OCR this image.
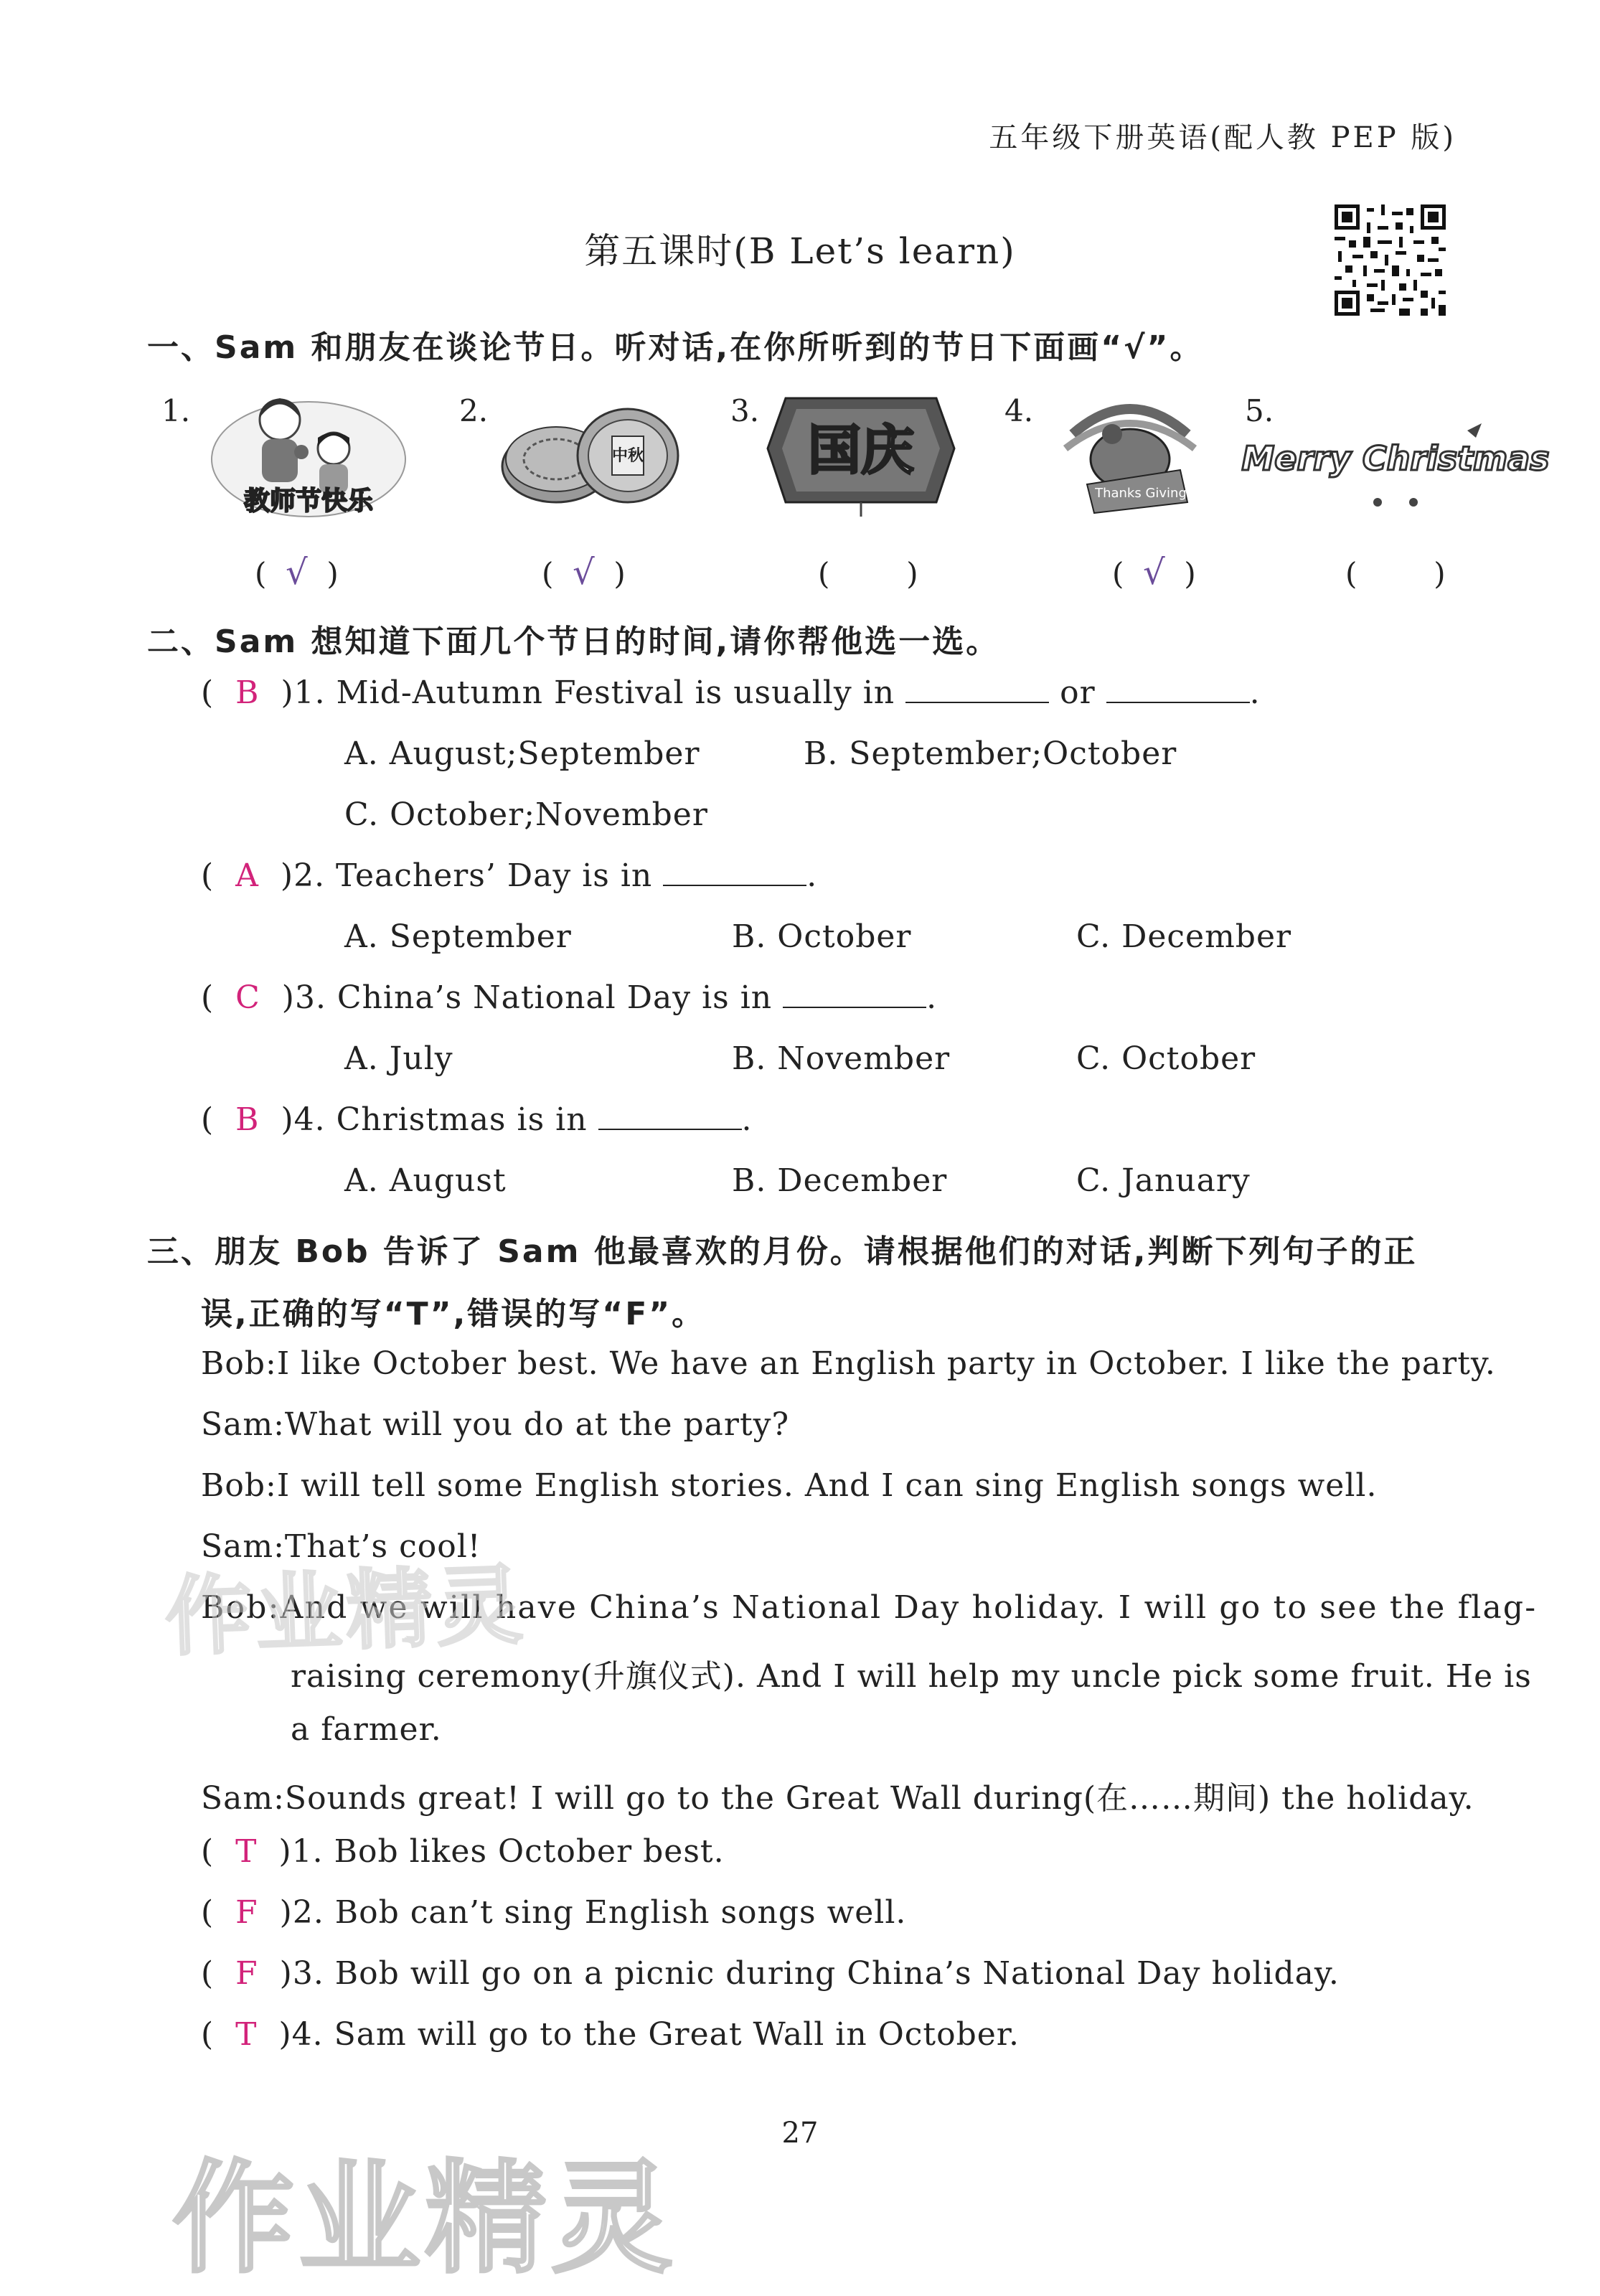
五年级下册英语(配人教 PEP 版)
第五课时(B Let’s learn)
一、Sam 和朋友在谈论节日。听对话,在你所听到的节日下面画“√”。
1.	2.	3.	4.	5.
教师节快乐
中秋	国庆
Thanks Giving
Merry Christmas
(  √  )	(  √  )	(        )	(  √  )	(        )
二、Sam 想知道下面几个节日的时间,请你帮他选一选。
(  B )1. Mid-Autumn Festival is usually in	or	.
A. August;September	B. September;October
C. October;November
(  A )2. Teachers’ Day is in	.
A. September	B. October	C. December
(  C )3. China’s National Day is in	.
A. July	B. November	C. October
(  B )4. Christmas is in	.
A. August	B. December	C. January
三、朋友 Bob 告诉了 Sam 他最喜欢的月份。请根据他们的对话,判断下列句子的正
误,正确的写“T”,错误的写“F”。
Bob:I like October best. We have an English party in October. I like the party.
Sam:What will you do at the party?
Bob:I will tell some English stories. And I can sing English songs well.
Sam:That’s cool!
Bob:And we will have China’s National Day holiday. I will go to see the flag-
raising ceremony(升旗仪式). And I will help my uncle pick some fruit. He is
a farmer.
Sam:Sounds great! I will go to the Great Wall during(在……期间) the holiday.
(  T )1. Bob likes October best.
(  F )2. Bob can’t sing English songs well.
(  F )3. Bob will go on a picnic during China’s National Day holiday.
(  T )4. Sam will go to the Great Wall in October.
27
作业精灵
作业精灵
